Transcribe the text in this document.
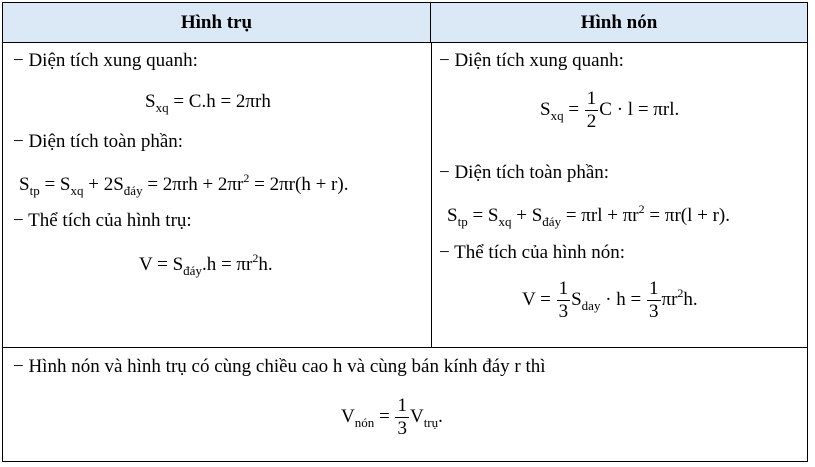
Hình trụ	Hình nón
− Diện tích xung quanh:
$S_{xq} = C.h = 2\pi rh$
− Diện tích toàn phần:
$S_{tp} = S_{xq} + 2S_{đáy} = 2\pi rh + 2\pi r^2 = 2\pi r(h + r)$.
− Thể tích của hình trụ:
$V = S_{đáy}.h = \pi r^2h$.
− Diện tích xung quanh:
$S_{xq} = \frac{1}{2}$ C · l = πrl.
− Diện tích toàn phần:
$S_{tp} = S_{xq} + S_{đáy} = \pi rl + \pi r^2 = \pi r(l + r)$.
− Thể tích của hình nón:
$V = \frac{1}{3} S_{day} \cdot h = \frac{1}{3} \pi r^2h$.
− Hình nón và hình trụ có cùng chiều cao h và cùng bán kính đáy r thì
$V_{nón} = \frac{1}{3} V_{trụ}$.
